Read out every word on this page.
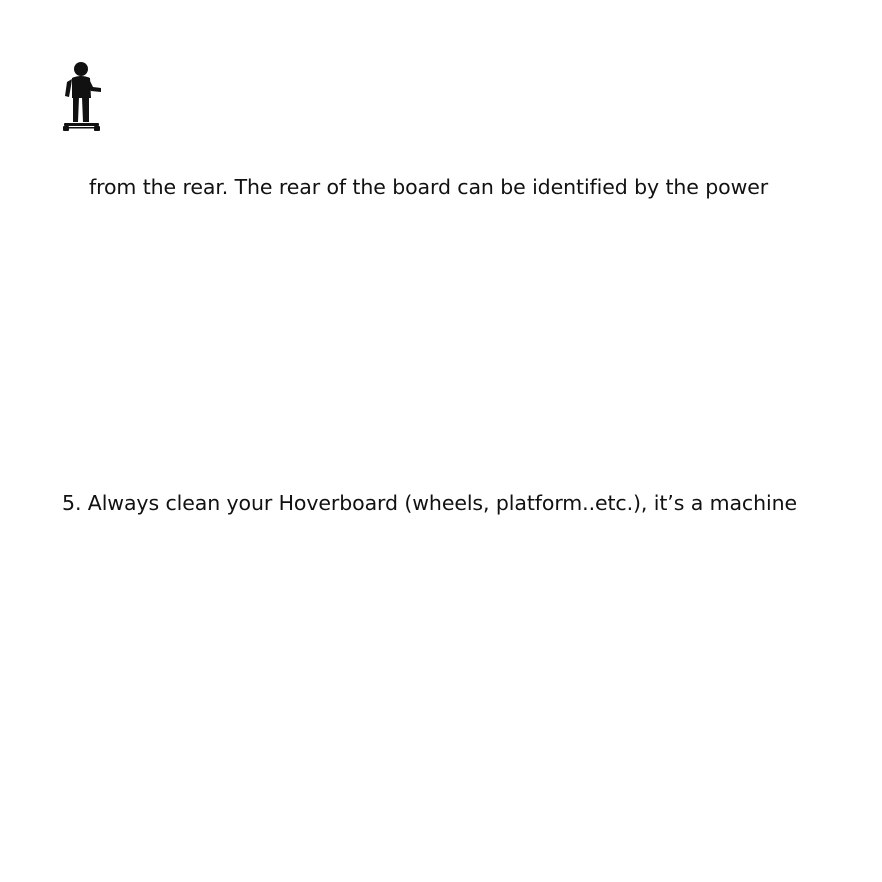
from the rear. The rear of the board can be identified by the power
5. Always clean your Hoverboard (wheels, platform..etc.), it’s a machine
